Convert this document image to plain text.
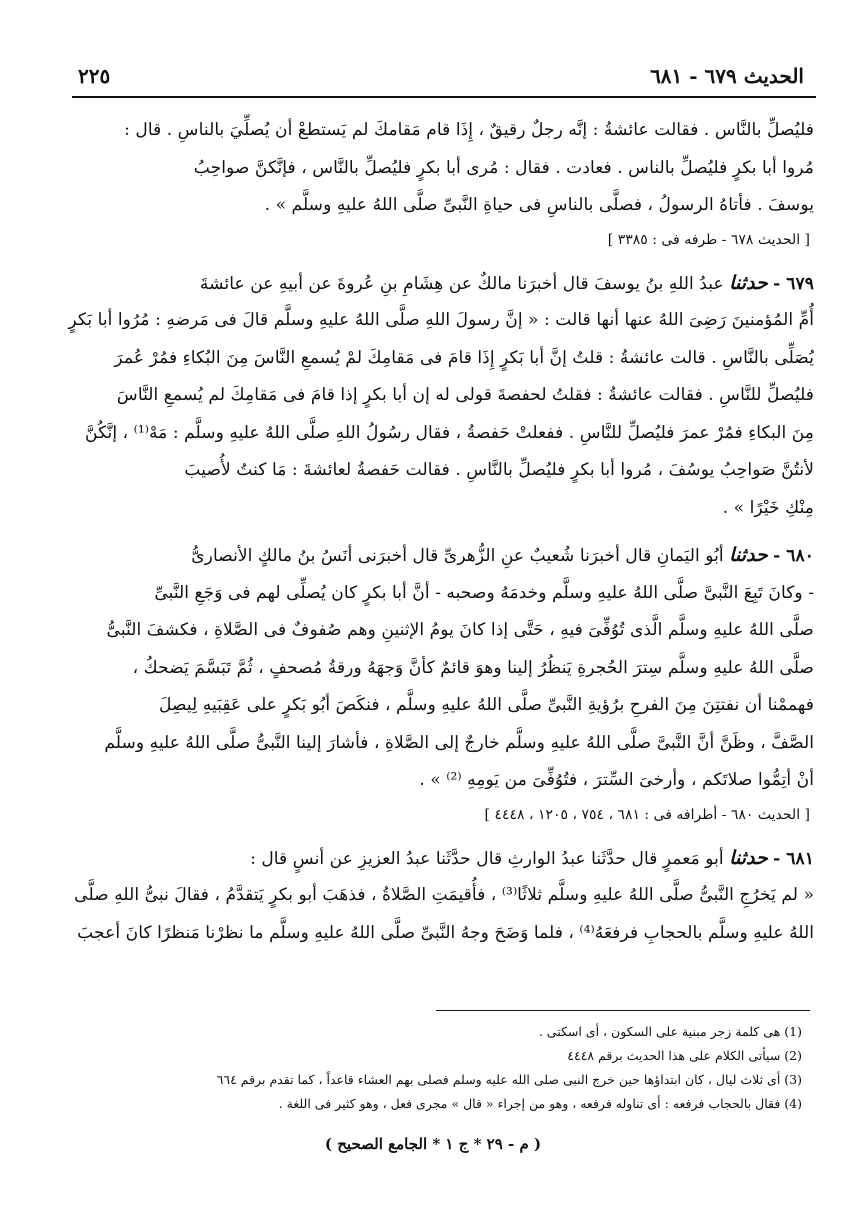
الحديث ٦٧٩ - ٦٨١
٢٢٥
فليُصلِّ بالنَّاس . فقالت عائشةُ : إنَّه رجلٌ رقيقٌ ، إِذَا قام مَقامكَ لم يَستطعْ أن يُصلِّيَ بالناسِ . قال :
مُروا أبا بكرٍ فليُصلِّ بالناس . فعادت . فقال : مُرى أبا بكرٍ فليُصلِّ بالنَّاس ، فإنَّكنَّ صواحِبُ
يوسفَ . فأتاهُ الرسولُ ، فصلَّى بالناسِ فى حياةِ النَّبىِّ صلَّى اللهُ عليهِ وسلَّم » .
[ الحديث ٦٧٨ - طرفه فى : ٣٣٨٥ ]
٦٧٩ - حدثنا عبدُ اللهِ بنُ يوسفَ قال أخبرَنا مالكٌ عن هِشَامِ بنِ عُروةَ عن أبيهِ عن عائشةَ
أُمِّ المُؤمنينَ رَضِىَ اللهُ عنها أنها قالت : « إنَّ رسولَ اللهِ صلَّى اللهُ عليهِ وسلَّم قالَ فى مَرضهِ : مُرُوا أبا بَكرٍ
يُصَلِّى بالنَّاسِ . قالت عائشةُ : قلتُ إنَّ أبا بَكرٍ إِذَا قامَ فى مَقامِكَ لمْ يُسمعِ النَّاسَ مِنَ البُكاءِ فمُرْ عُمرَ
فليُصلِّ للنَّاسِ . فقالت عائشةُ : فقلتُ لحفصةَ قولى له إن أبا بكرٍ إذا قامَ فى مَقامِكَ لم يُسمعِ النَّاسَ
مِنَ البكاءِ فمُرْ عمرَ فليُصلِّ للنَّاسِ . ففعلتْ حَفصةُ ، فقال رسُولُ اللهِ صلَّى اللهُ عليهِ وسلَّم : مَهْ⁽¹⁾ ، إنَّكُنَّ
لأنتُنَّ صَواحِبُ يوسُفَ ، مُروا أبا بكرٍ فليُصلِّ بالنَّاسِ . فقالت حَفصةُ لعائشةَ : مَا كنتُ لأُصيبَ
مِنْكِ خَيْرًا » .
٦٨٠ - حدثنا أبُو اليَمانِ قال أخبرَنا شُعيبٌ عنِ الزُّهرىِّ قال أخبرَنى أنَسُ بنُ مالكٍ الأنصارىُّ
- وكانَ تَبِعَ النَّبىَّ صلَّى اللهُ عليهِ وسلَّم وخدمَهُ وصحبه - أنَّ أبا بكرٍ كان يُصلِّى لهم فى وَجَعِ النَّبىِّ
صلَّى اللهُ عليهِ وسلَّم الَّذى تُوُفِّىَ فيهِ ، حَتَّى إذا كانَ يومُ الإثنينِ وهم صُفوفٌ فى الصَّلاةِ ، فكشفَ النَّبىُّ
صلَّى اللهُ عليهِ وسلَّم سِترَ الحُجرةِ يَنظُرُ إلينا وهوَ قائمٌ كأنَّ وَجهَهُ ورقةُ مُصحفٍ ، ثُمَّ تَبَسَّمَ يَضحكُ ،
فهممْنا أن نفتتِنَ مِنَ الفرحِ برُؤيةِ النَّبىِّ صلَّى اللهُ عليهِ وسلَّم ، فنكَصَ أبُو بَكرٍ على عَقِبَيهِ لِيصِلَ
الصَّفَّ ، وظَنَّ أنَّ النَّبىَّ صلَّى اللهُ عليهِ وسلَّم خارجٌ إلى الصَّلاةِ ، فأشارَ إلينا النَّبىُّ صلَّى اللهُ عليهِ وسلَّم
أنْ أتِمُّوا صلاتَكم ، وأرخىَ السِّترَ ، فتُوُفِّىَ من يَومِهِ ⁽²⁾ » .
[ الحديث ٦٨٠ - أطرافه فى : ٦٨١ ، ٧٥٤ ، ١٢٠٥ ، ٤٤٤٨ ]
٦٨١ - حدثنا أبو مَعمرٍ قال حدَّثَنا عبدُ الوارثِ قال حدَّثَنا عبدُ العزيزِ عن أنسٍ قال :
« لم يَخرُجِ النَّبىُّ صلَّى اللهُ عليهِ وسلَّم ثلاثًا⁽³⁾ ، فأُقيمَتِ الصَّلاةُ ، فذهَبَ أبو بكرٍ يَتقدَّمُ ، فقالَ نبىُّ اللهِ صلَّى
اللهُ عليهِ وسلَّم بالحجابِ فرفعَهُ⁽⁴⁾ ، فلما وَضَحَ وجهُ النَّبىِّ صلَّى اللهُ عليهِ وسلَّم ما نظرْنا مَنظرًا كانَ أعجبَ
(1) هى كلمة زجر مبنية على السكون ، أى اسكتى .
(2) سيأتى الكلام على هذا الحديث برقم ٤٤٤٨
(3) أى ثلاث ليال ، كان ابتداؤها حين خرج النبى صلى الله عليه وسلم فصلى بهم العشاء قاعداً ، كما تقدم برقم ٦٦٤
(4) فقال بالحجاب فرفعه : أى تناوله فرفعه ، وهو من إجراء « قال » مجرى فعل ، وهو كثير فى اللغة .
( م - ٢٩ * ج ١ * الجامع الصحيح )
